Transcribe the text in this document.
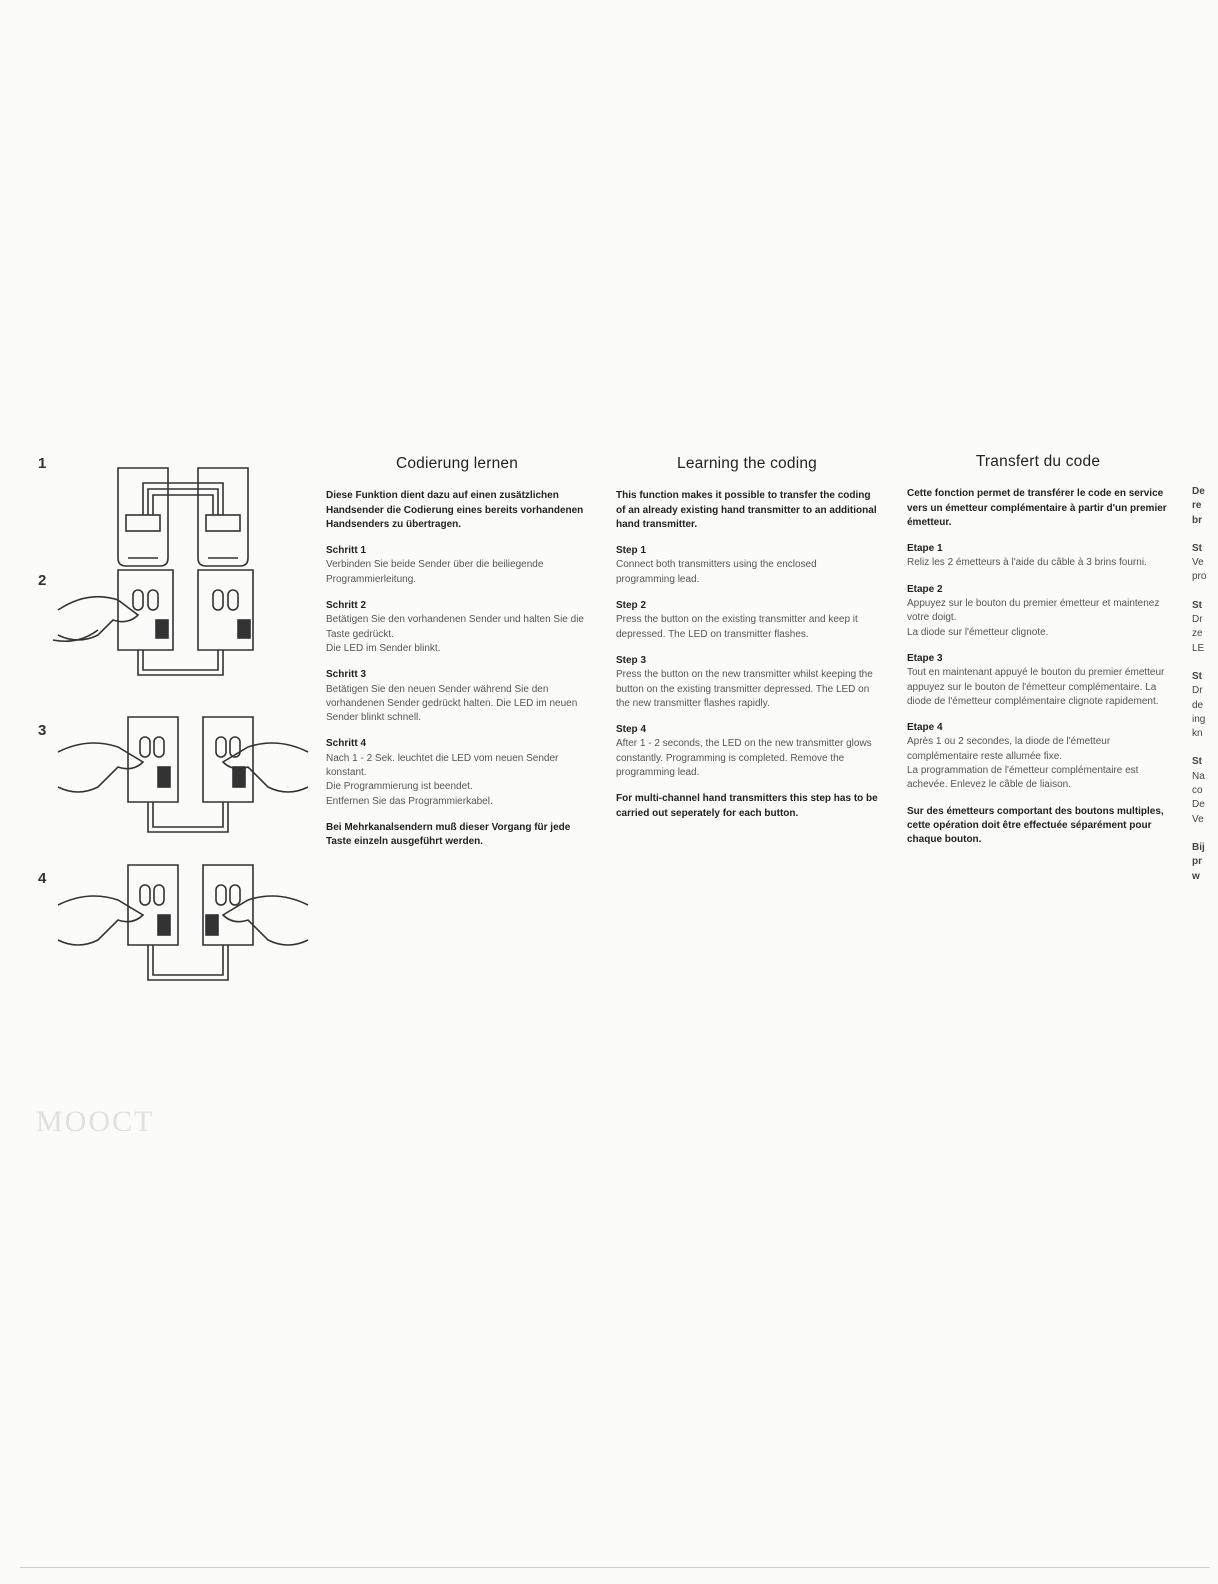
MOOCT
1
2
3
4
Codierung lernen

Diese Funktion dient dazu auf einen zusätzlichen Handsender die Codierung eines bereits vorhandenen Handsenders zu übertragen.

Schritt 1
Verbinden Sie beide Sender über die beiliegende Programmierleitung.
Schritt 2
Betätigen Sie den vorhandenen Sender und halten Sie die Taste gedrückt.
Die LED im Sender blinkt.
Schritt 3
Betätigen Sie den neuen Sender während Sie den vorhandenen Sender gedrückt halten. Die LED im neuen Sender blinkt schnell.
Schritt 4
Nach 1 - 2 Sek. leuchtet die LED vom neuen Sender konstant.
Die Programmierung ist beendet.
Entfernen Sie das Programmierkabel.

Bei Mehrkanalsendern muß dieser Vorgang für jede Taste einzeln ausgeführt werden.

Learning the coding

This function makes it possible to transfer the coding of an already existing hand transmitter to an additional hand transmitter.

Step 1
Connect both transmitters using the enclosed programming lead.
Step 2
Press the button on the existing transmitter and keep it depressed. The LED on transmitter flashes.
Step 3
Press the button on the new transmitter whilst keeping the button on the existing transmitter depressed. The LED on the new transmitter flashes rapidly.
Step 4
After 1 - 2 seconds, the LED on the new transmitter glows constantly. Programming is completed. Remove the programming lead.

For multi-channel hand transmitters this step has to be carried out seperately for each button.

Transfert du code

Cette fonction permet de transférer le code en service vers un émetteur complémentaire à partir d'un premier émetteur.

Etape 1
Reliz les 2 émetteurs à l'aide du câble à 3 brins fourni.
Etape 2
Appuyez sur le bouton du premier émetteur et maintenez votre doigt.
La diode sur l'émetteur clignote.
Etape 3
Tout en maintenant appuyé le bouton du premier émetteur appuyez sur le bouton de l'émetteur complémentaire. La diode de l'émetteur complémentaire clignote rapidement.
Etape 4
Après 1 ou 2 secondes, la diode de l'émetteur complémentaire reste allumée fixe.
La programmation de l'émetteur complémentaire est achevée. Enlevez le câble de liaison.

Sur des émetteurs comportant des boutons multiples, cette opération doit être effectuée séparément pour chaque bouton.

De
re
br
St
Ve
pro
St
Dr
ze
LE
St
Dr
de
ing
kn
St
Na
co
De
Ve
Bij
pr
w
